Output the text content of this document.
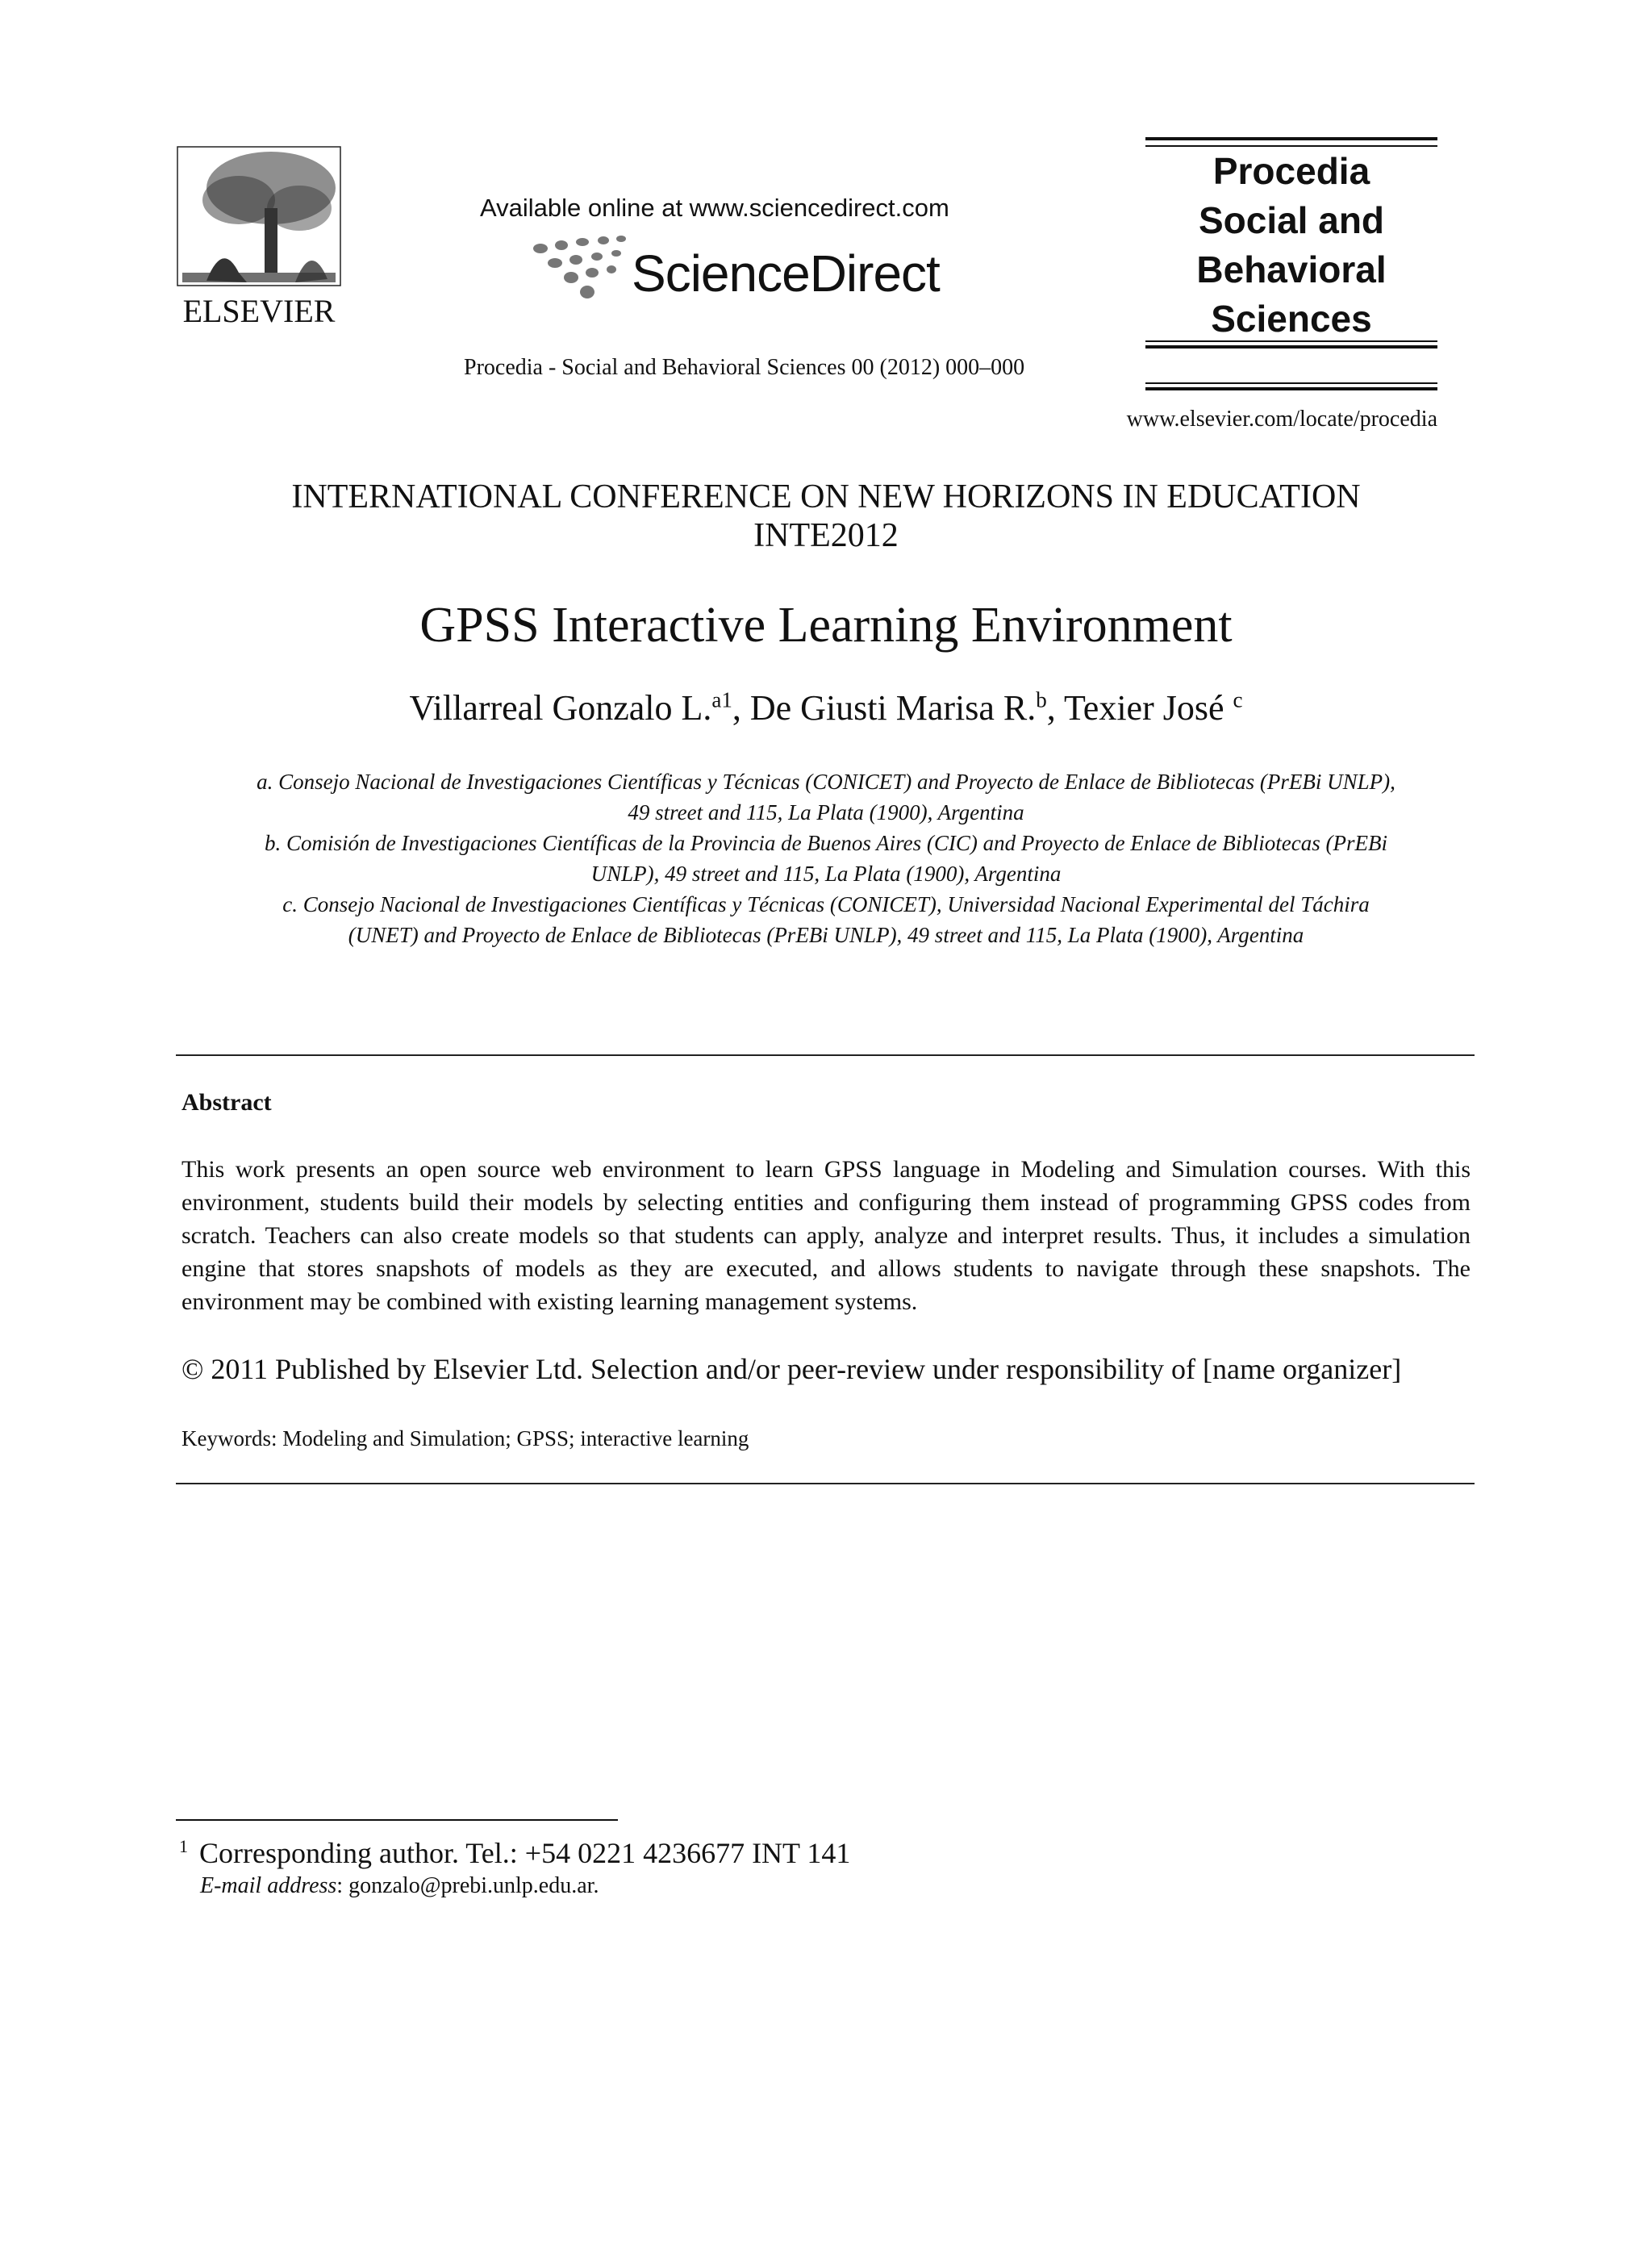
ELSEVIER
Available online at www.sciencedirect.com
ScienceDirect
Procedia - Social and Behavioral Sciences 00 (2012) 000–000
Procedia
Social and
Behavioral
Sciences
www.elsevier.com/locate/procedia
INTERNATIONAL CONFERENCE ON NEW HORIZONS IN EDUCATION
INTE2012
GPSS Interactive Learning Environment
Villarreal Gonzalo L.$^{a1}$, De Giusti Marisa R.$^b$, Texier José $^c$
a. Consejo Nacional de Investigaciones Científicas y Técnicas (CONICET) and Proyecto de Enlace de Bibliotecas (PrEBi UNLP),
49 street and 115, La Plata (1900), Argentina
b. Comisión de Investigaciones Científicas de la Provincia de Buenos Aires (CIC) and Proyecto de Enlace de Bibliotecas (PrEBi
UNLP), 49 street and 115, La Plata (1900), Argentina
c. Consejo Nacional de Investigaciones Científicas y Técnicas (CONICET), Universidad Nacional Experimental del Táchira
(UNET) and Proyecto de Enlace de Bibliotecas (PrEBi UNLP), 49 street and 115, La Plata (1900), Argentina
Abstract
This work presents an open source web environment to learn GPSS language in Modeling and Simulation courses. With this environment, students build their models by selecting entities and configuring them instead of programming GPSS codes from scratch. Teachers can also create models so that students can apply, analyze and interpret results. Thus, it includes a simulation engine that stores snapshots of models as they are executed, and allows students to navigate through these snapshots. The environment may be combined with existing learning management systems.
© 2011 Published by Elsevier Ltd. Selection and/or peer-review under responsibility of [name organizer]
Keywords: Modeling and Simulation; GPSS; interactive learning
$^1$ Corresponding author. Tel.: +54 0221 4236677 INT 141
E-mail address: gonzalo@prebi.unlp.edu.ar.
